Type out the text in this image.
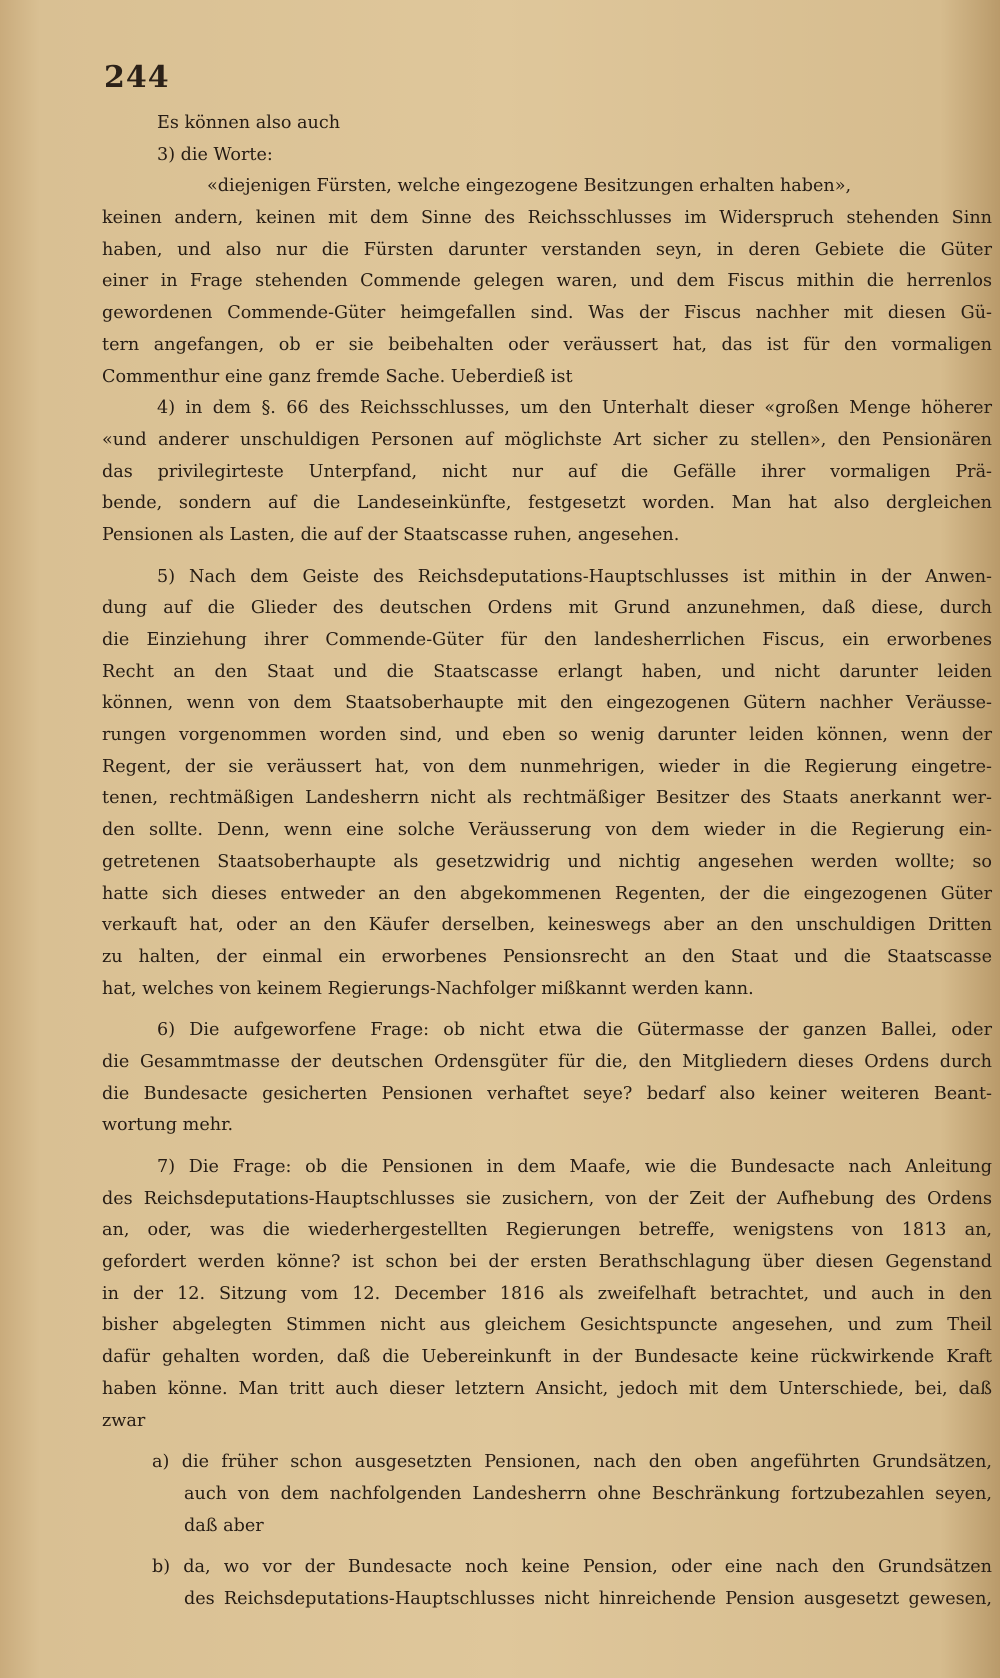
244
Es können also auch
3) die Worte:
«diejenigen Fürsten, welche eingezogene Besitzungen erhalten haben»,
keinen andern, keinen mit dem Sinne des Reichsschlusses im Widerspruch stehenden Sinn
haben, und also nur die Fürsten darunter verstanden seyn, in deren Gebiete die Güter
einer in Frage stehenden Commende gelegen waren, und dem Fiscus mithin die herrenlos
gewordenen Commende-Güter heimgefallen sind. Was der Fiscus nachher mit diesen Gü-
tern angefangen, ob er sie beibehalten oder veräussert hat, das ist für den vormaligen
Commenthur eine ganz fremde Sache. Ueberdieß ist
4) in dem §. 66 des Reichsschlusses, um den Unterhalt dieser «großen Menge höherer
«und anderer unschuldigen Personen auf möglichste Art sicher zu stellen», den Pensionären
das privilegirteste Unterpfand, nicht nur auf die Gefälle ihrer vormaligen Prä-
bende, sondern auf die Landeseinkünfte, festgesetzt worden. Man hat also dergleichen
Pensionen als Lasten, die auf der Staatscasse ruhen, angesehen.
5) Nach dem Geiste des Reichsdeputations-Hauptschlusses ist mithin in der Anwen-
dung auf die Glieder des deutschen Ordens mit Grund anzunehmen, daß diese, durch
die Einziehung ihrer Commende-Güter für den landesherrlichen Fiscus, ein erworbenes
Recht an den Staat und die Staatscasse erlangt haben, und nicht darunter leiden
können, wenn von dem Staatsoberhaupte mit den eingezogenen Gütern nachher Veräusse-
rungen vorgenommen worden sind, und eben so wenig darunter leiden können, wenn der
Regent, der sie veräussert hat, von dem nunmehrigen, wieder in die Regierung eingetre-
tenen, rechtmäßigen Landesherrn nicht als rechtmäßiger Besitzer des Staats anerkannt wer-
den sollte. Denn, wenn eine solche Veräusserung von dem wieder in die Regierung ein-
getretenen Staatsoberhaupte als gesetzwidrig und nichtig angesehen werden wollte; so
hatte sich dieses entweder an den abgekommenen Regenten, der die eingezogenen Güter
verkauft hat, oder an den Käufer derselben, keineswegs aber an den unschuldigen Dritten
zu halten, der einmal ein erworbenes Pensionsrecht an den Staat und die Staatscasse
hat, welches von keinem Regierungs-Nachfolger mißkannt werden kann.
6) Die aufgeworfene Frage: ob nicht etwa die Gütermasse der ganzen Ballei, oder
die Gesammtmasse der deutschen Ordensgüter für die, den Mitgliedern dieses Ordens durch
die Bundesacte gesicherten Pensionen verhaftet seye? bedarf also keiner weiteren Beant-
wortung mehr.
7) Die Frage: ob die Pensionen in dem Maafe, wie die Bundesacte nach Anleitung
des Reichsdeputations-Hauptschlusses sie zusichern, von der Zeit der Aufhebung des Ordens
an, oder, was die wiederhergestellten Regierungen betreffe, wenigstens von 1813 an,
gefordert werden könne? ist schon bei der ersten Berathschlagung über diesen Gegenstand
in der 12. Sitzung vom 12. December 1816 als zweifelhaft betrachtet, und auch in den
bisher abgelegten Stimmen nicht aus gleichem Gesichtspuncte angesehen, und zum Theil
dafür gehalten worden, daß die Uebereinkunft in der Bundesacte keine rückwirkende Kraft
haben könne. Man tritt auch dieser letztern Ansicht, jedoch mit dem Unterschiede, bei, daß
zwar
a) die früher schon ausgesetzten Pensionen, nach den oben angeführten Grundsätzen,
auch von dem nachfolgenden Landesherrn ohne Beschränkung fortzubezahlen seyen,
daß aber
b) da, wo vor der Bundesacte noch keine Pension, oder eine nach den Grundsätzen
des Reichsdeputations-Hauptschlusses nicht hinreichende Pension ausgesetzt gewesen,
